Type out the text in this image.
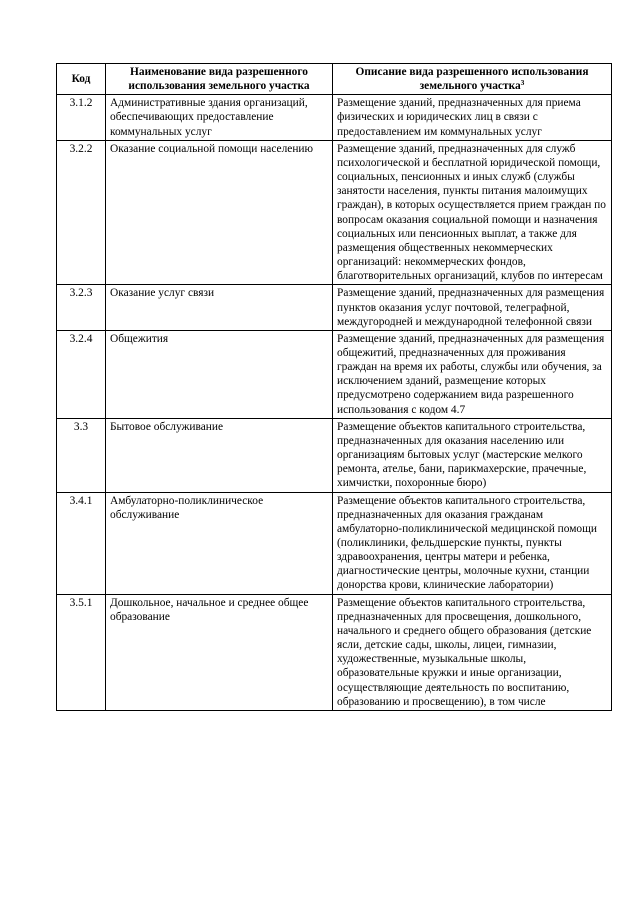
Код	Наименование вида разрешенного использования земельного участка	Описание вида разрешенного использования земельного участка$^3$
3.1.2	Административные здания организаций, обеспечивающих предоставление коммунальных услуг	Размещение зданий, предназначенных для приема физических и юридических лиц в связи с предоставлением им коммунальных услуг
3.2.2	Оказание социальной помощи населению	Размещение зданий, предназначенных для служб психологической и бесплатной юридической помощи, социальных, пенсионных и иных служб (службы занятости населения, пункты питания малоимущих граждан), в которых осуществляется прием граждан по вопросам оказания социальной помощи и назначения социальных или пенсионных выплат, а также для размещения общественных некоммерческих организаций: некоммерческих фондов, благотворительных организаций, клубов по интересам
3.2.3	Оказание услуг связи	Размещение зданий, предназначенных для размещения пунктов оказания услуг почтовой, телеграфной, междугородней и международной телефонной связи
3.2.4	Общежития	Размещение зданий, предназначенных для размещения общежитий, предназначенных для проживания граждан на время их работы, службы или обучения, за исключением зданий, размещение которых предусмотрено содержанием вида разрешенного использования с кодом 4.7
3.3	Бытовое обслуживание	Размещение объектов капитального строительства, предназначенных для оказания населению или организациям бытовых услуг (мастерские мелкого ремонта, ателье, бани, парикмахерские, прачечные, химчистки, похоронные бюро)
3.4.1	Амбулаторно-поликлиническое обслуживание	Размещение объектов капитального строительства, предназначенных для оказания гражданам амбулаторно-поликлинической медицинской помощи (поликлиники, фельдшерские пункты, пункты здравоохранения, центры матери и ребенка, диагностические центры, молочные кухни, станции донорства крови, клинические лаборатории)
3.5.1	Дошкольное, начальное и среднее общее образование	Размещение объектов капитального строительства, предназначенных для просвещения, дошкольного, начального и среднего общего образования (детские ясли, детские сады, школы, лицеи, гимназии, художественные, музыкальные школы, образовательные кружки и иные организации, осуществляющие деятельность по воспитанию, образованию и просвещению), в том числе
